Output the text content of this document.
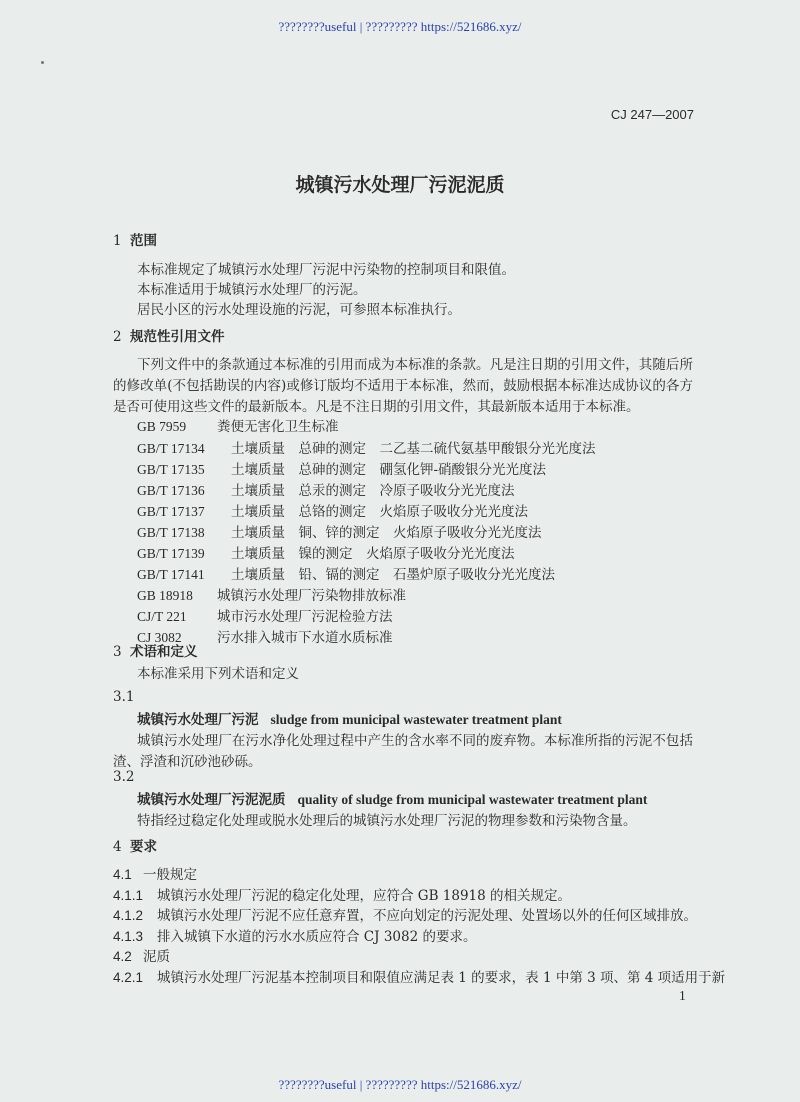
????????useful | ????????? https://521686.xyz/
CJ 247—2007
城镇污水处理厂污泥泥质
1 范围
本标准规定了城镇污水处理厂污泥中污染物的控制项目和限值。
本标准适用于城镇污水处理厂的污泥。
居民小区的污水处理设施的污泥，可参照本标准执行。
2 规范性引用文件
下列文件中的条款通过本标准的引用而成为本标准的条款。凡是注日期的引用文件，其随后所
的修改单(不包括勘误的内容)或修订版均不适用于本标准，然而，鼓励根据本标准达成协议的各方
是否可使用这些文件的最新版本。凡是不注日期的引用文件，其最新版本适用于本标准。
GB 7959 粪便无害化卫生标准
GB/T 17134 土壤质量　总砷的测定　二乙基二硫代氨基甲酸银分光光度法
GB/T 17135 土壤质量　总砷的测定　硼氢化钾-硝酸银分光光度法
GB/T 17136 土壤质量　总汞的测定　冷原子吸收分光光度法
GB/T 17137 土壤质量　总铬的测定　火焰原子吸收分光光度法
GB/T 17138 土壤质量　铜、锌的测定　火焰原子吸收分光光度法
GB/T 17139 土壤质量　镍的测定　火焰原子吸收分光光度法
GB/T 17141 土壤质量　铅、镉的测定　石墨炉原子吸收分光光度法
GB 18918 城镇污水处理厂污染物排放标准
CJ/T 221 城市污水处理厂污泥检验方法
CJ 3082	污水排入城市下水道水质标准
3 术语和定义
本标准采用下列术语和定义
3.1
城镇污水处理厂污泥 sludge from municipal wastewater treatment plant
城镇污水处理厂在污水净化处理过程中产生的含水率不同的废弃物。本标准所指的污泥不包括
渣、浮渣和沉砂池砂砾。
3.2
城镇污水处理厂污泥泥质 quality of sludge from municipal wastewater treatment plant
特指经过稳定化处理或脱水处理后的城镇污水处理厂污泥的物理参数和污染物含量。
4 要求
4.1 一般规定
4.1.1 城镇污水处理厂污泥的稳定化处理，应符合 GB 18918 的相关规定。
4.1.2 城镇污水处理厂污泥不应任意弃置，不应向划定的污泥处理、处置场以外的任何区域排放。
4.1.3 排入城镇下水道的污水水质应符合 CJ 3082 的要求。
4.2 泥质
4.2.1 城镇污水处理厂污泥基本控制项目和限值应满足表 1 的要求，表 1 中第 3 项、第 4 项适用于新
1
????????useful | ????????? https://521686.xyz/
